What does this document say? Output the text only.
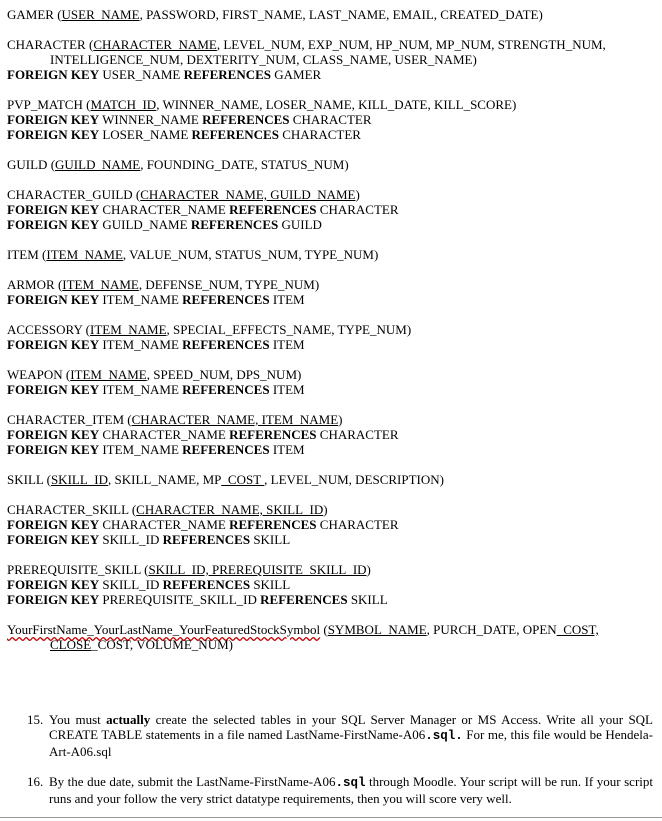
GAMER (USER_NAME, PASSWORD, FIRST_NAME, LAST_NAME, EMAIL, CREATED_DATE)
CHARACTER (CHARACTER_NAME, LEVEL_NUM, EXP_NUM, HP_NUM, MP_NUM, STRENGTH_NUM,
INTELLIGENCE_NUM, DEXTERITY_NUM, CLASS_NAME, USER_NAME)
FOREIGN KEY USER_NAME REFERENCES GAMER
PVP_MATCH (MATCH_ID, WINNER_NAME, LOSER_NAME, KILL_DATE, KILL_SCORE)
FOREIGN KEY WINNER_NAME REFERENCES CHARACTER
FOREIGN KEY LOSER_NAME REFERENCES CHARACTER
GUILD (GUILD_NAME, FOUNDING_DATE, STATUS_NUM)
CHARACTER_GUILD (CHARACTER_NAME, GUILD_NAME)
FOREIGN KEY CHARACTER_NAME REFERENCES CHARACTER
FOREIGN KEY GUILD_NAME REFERENCES GUILD
ITEM (ITEM_NAME, VALUE_NUM, STATUS_NUM, TYPE_NUM)
ARMOR (ITEM_NAME, DEFENSE_NUM, TYPE_NUM)
FOREIGN KEY ITEM_NAME REFERENCES ITEM
ACCESSORY (ITEM_NAME, SPECIAL_EFFECTS_NAME, TYPE_NUM)
FOREIGN KEY ITEM_NAME REFERENCES ITEM
WEAPON (ITEM_NAME, SPEED_NUM, DPS_NUM)
FOREIGN KEY ITEM_NAME REFERENCES ITEM
CHARACTER_ITEM (CHARACTER_NAME, ITEM_NAME)
FOREIGN KEY CHARACTER_NAME REFERENCES CHARACTER
FOREIGN KEY ITEM_NAME REFERENCES ITEM
SKILL (SKILL_ID, SKILL_NAME, MP_COST , LEVEL_NUM, DESCRIPTION)
CHARACTER_SKILL (CHARACTER_NAME, SKILL_ID)
FOREIGN KEY CHARACTER_NAME REFERENCES CHARACTER
FOREIGN KEY SKILL_ID REFERENCES SKILL
PREREQUISITE_SKILL (SKILL_ID, PREREQUISITE_SKILL_ID)
FOREIGN KEY SKILL_ID REFERENCES SKILL
FOREIGN KEY PREREQUISITE_SKILL_ID REFERENCES SKILL
YourFirstName_YourLastName_YourFeaturedStockSymbol (SYMBOL_NAME, PURCH_DATE, OPEN_COST,
CLOSE_COST, VOLUME_NUM)
15. You must actually create the selected tables in your SQL Server Manager or MS Access. Write all your SQL CREATE TABLE statements in a file named LastName-FirstName-A06.sql. For me, this file would be Hendela-Art-A06.sql
16. By the due date, submit the LastName-FirstName-A06.sql through Moodle. Your script will be run. If your script runs and your follow the very strict datatype requirements, then you will score very well.
